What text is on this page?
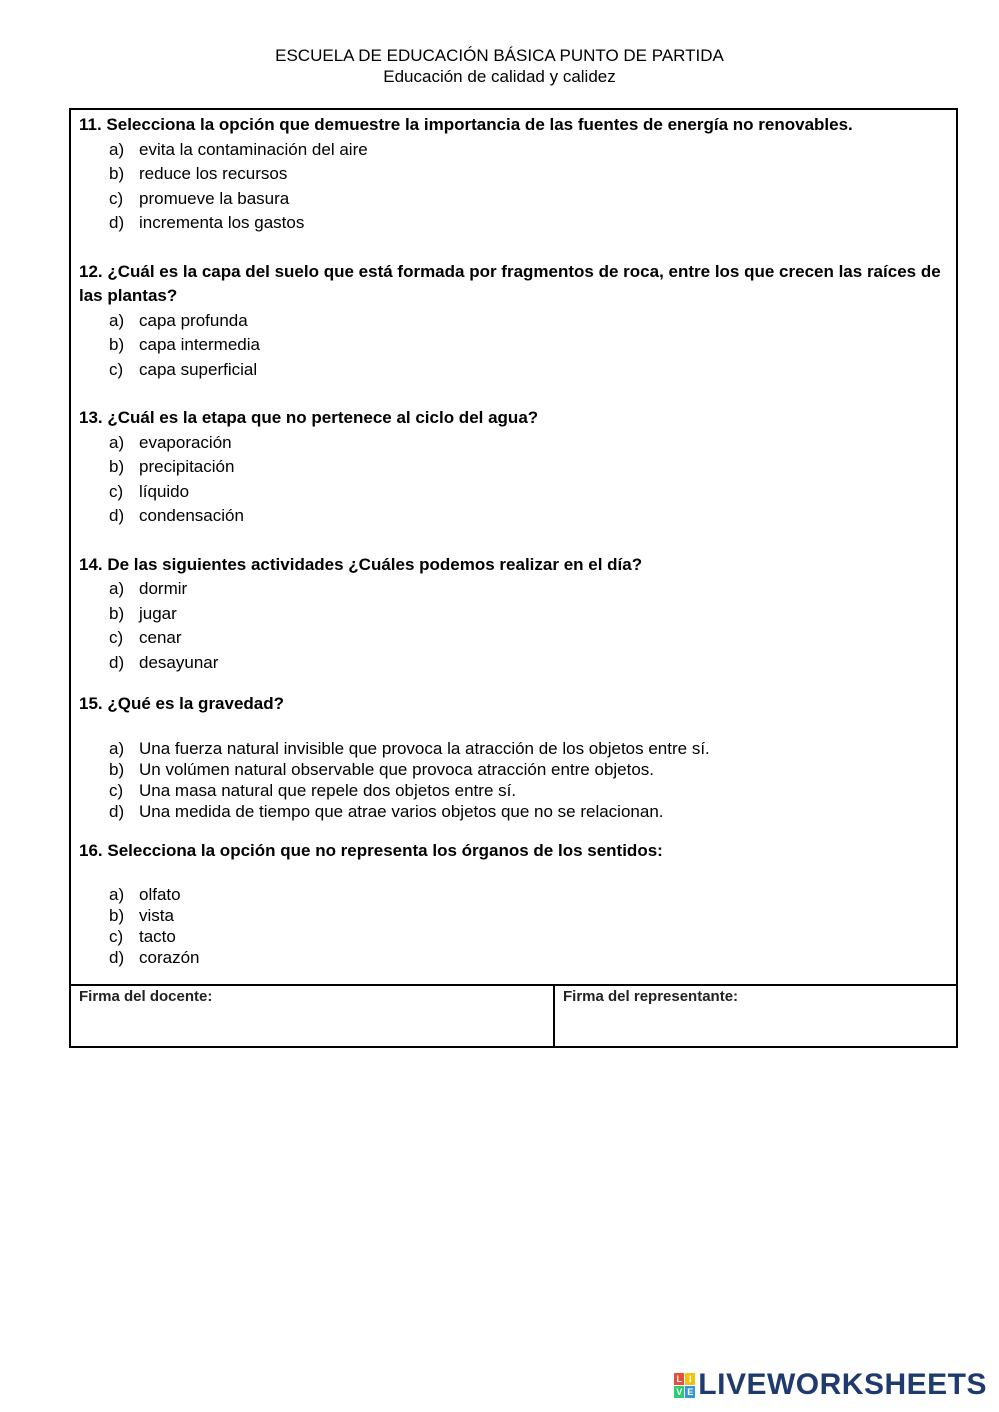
ESCUELA DE EDUCACIÓN BÁSICA PUNTO DE PARTIDA
Educación de calidad y calidez
11. Selecciona la opción que demuestre la importancia de las fuentes de energía no renovables.
a) evita la contaminación del aire
b) reduce los recursos
c) promueve la basura
d) incrementa los gastos
12. ¿Cuál es la capa del suelo que está formada por fragmentos de roca, entre los que crecen las raíces de las plantas?
a) capa profunda
b) capa intermedia
c) capa superficial
13. ¿Cuál es la etapa que no pertenece al ciclo del agua?
a) evaporación
b) precipitación
c) líquido
d) condensación
14. De las siguientes actividades ¿Cuáles podemos realizar en el día?
a) dormir
b) jugar
c) cenar
d) desayunar
15. ¿Qué es la gravedad?
a) Una fuerza natural invisible que provoca la atracción de los objetos entre sí.
b) Un volúmen natural observable que provoca atracción entre objetos.
c) Una masa natural que repele dos objetos entre sí.
d) Una medida de tiempo que atrae varios objetos que no se relacionan.
16. Selecciona la opción que no representa los órganos de los sentidos:
a) olfato
b) vista
c) tacto
d) corazón
Firma del docente:	Firma del representante:
L I
V E LIVEWORKSHEETS
